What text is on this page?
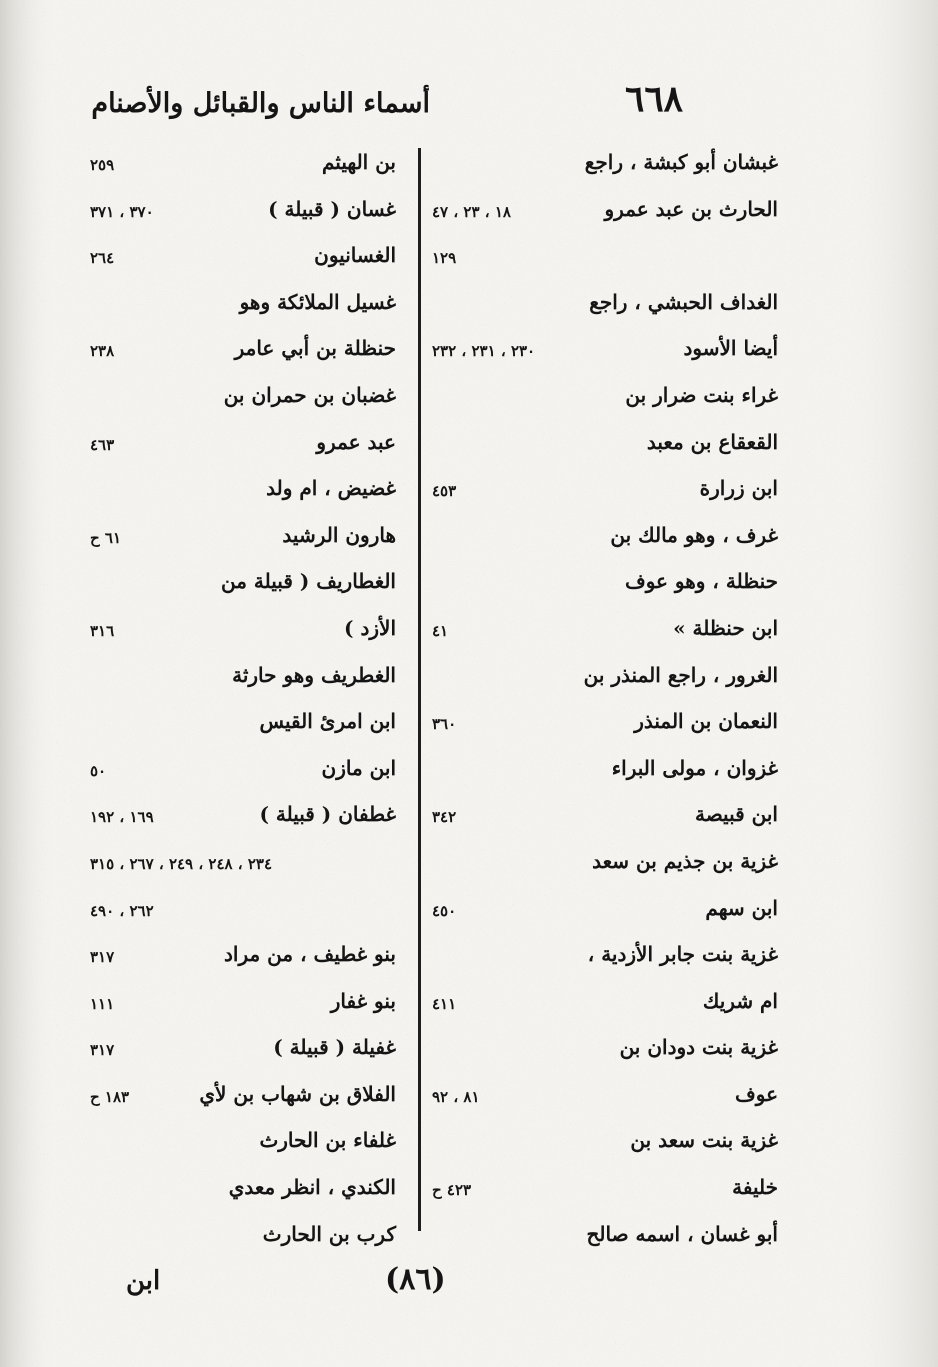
أسماء الناس والقبائل والأصنام	٦٦٨
غبشان أبو كبشة ، راجع
الحارث بن عبد عمرو
١٨ ، ٢٣ ، ٤٧
١٢٩
الغداف الحبشي ، راجع
أيضا الأسود
٢٣٠ ، ٢٣١ ، ٢٣٢
غراء بنت ضرار بن
القعقاع بن معبد
ابن زرارة
٤٥٣
غرف ، وهو مالك بن
حنظلة ، وهو عوف
ابن حنظلة »
٤١
الغرور ، راجع المنذر بن
النعمان بن المنذر
٣٦٠
غزوان ، مولى البراء
ابن قبيصة
٣٤٢
غزية بن جذيم بن سعد
ابن سهم
٤٥٠
غزية بنت جابر الأزدية ،
ام شريك
٤١١
غزية بنت دودان بن
عوف
٨١ ، ٩٢
غزية بنت سعد بن
خليفة
٤٢٣ ح
أبو غسان ، اسمه صالح
بن الهيثم
٢٥٩
غسان ( قبيلة )
٣٧٠ ، ٣٧١
الغسانيون
٢٦٤
غسيل الملائكة وهو
حنظلة بن أبي عامر
٢٣٨
غضبان بن حمران بن
عبد عمرو
٤٦٣
غضيض ، ام ولد
هارون الرشيد
٦١ ح
الغطاريف ( قبيلة من
الأزد )
٣١٦
الغطريف وهو حارثة
ابن امرئ القيس
ابن مازن
٥٠
غطفان ( قبيلة )
١٦٩ ، ١٩٢
٢٣٤ ، ٢٤٨ ، ٢٤٩ ، ٢٦٧ ، ٣١٥
٢٦٢ ، ٤٩٠
بنو غطيف ، من مراد
٣١٧
بنو غفار
١١١
غفيلة ( قبيلة )
٣١٧
الفلاق بن شهاب بن لأي
١٨٣ ح
غلفاء بن الحارث
الكندي ، انظر معدي
كرب بن الحارث
(٨٦)
ابن
